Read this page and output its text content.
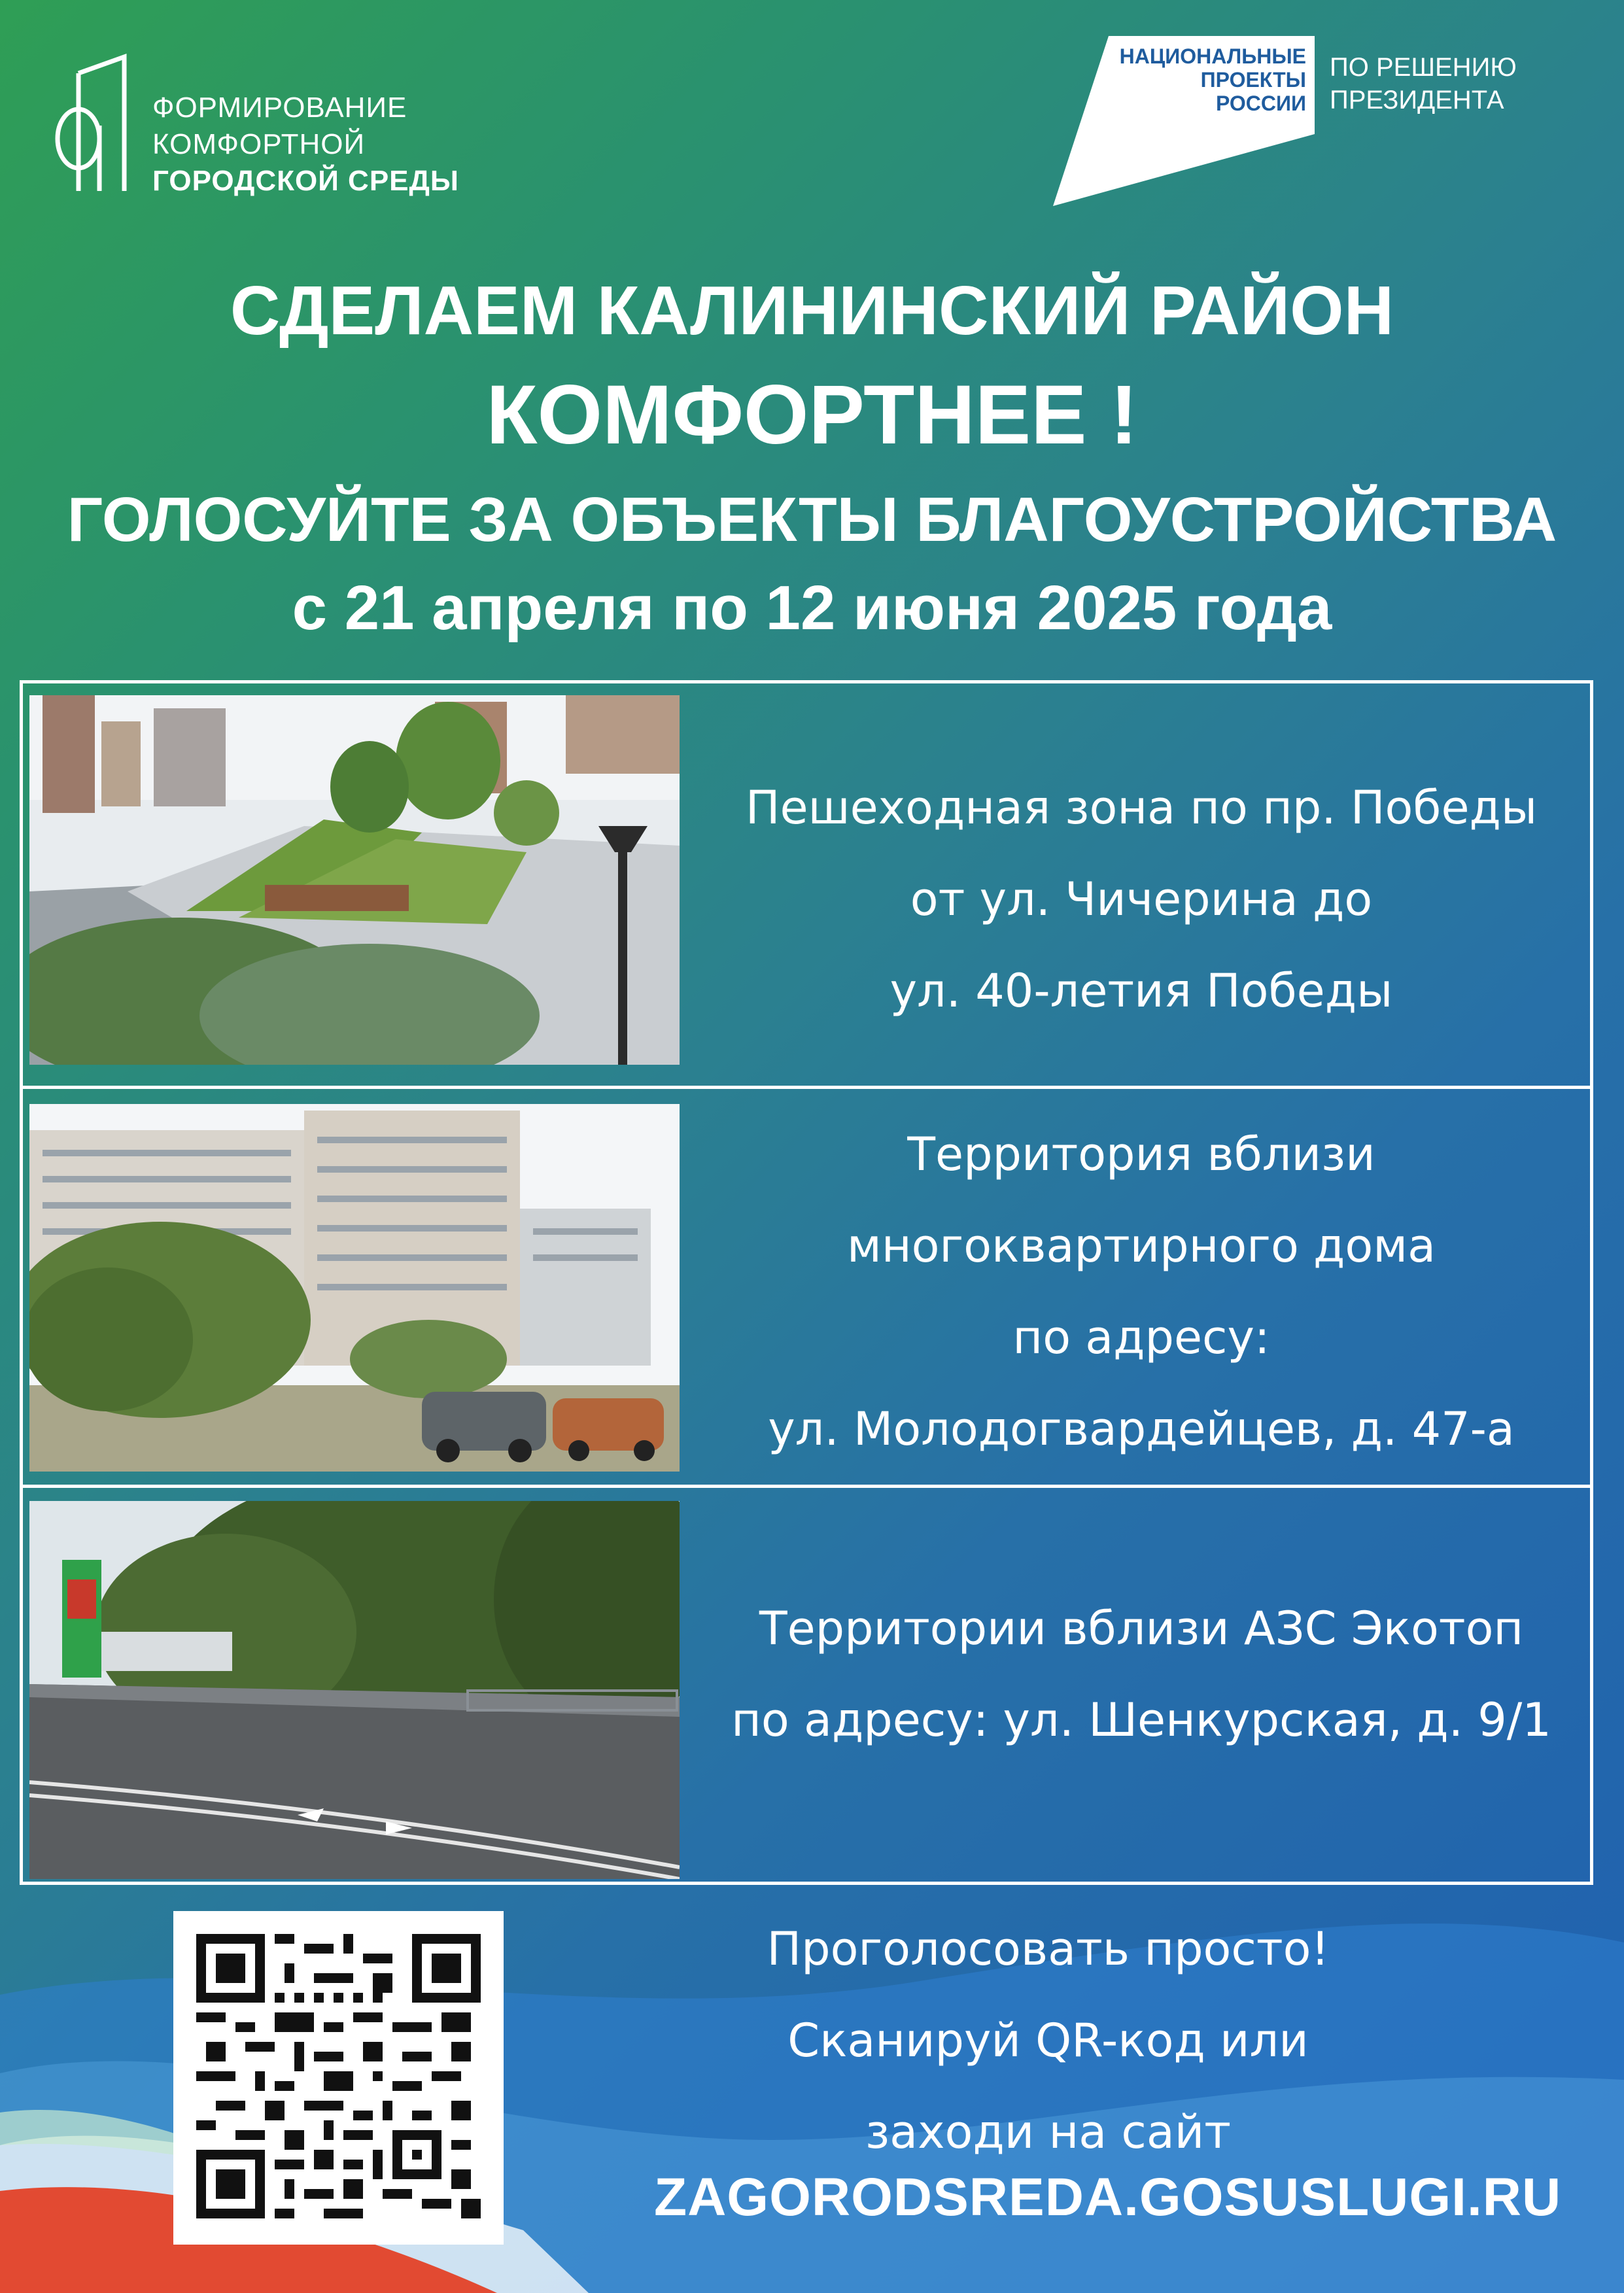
ФОРМИРОВАНИЕ
КОМФОРТНОЙ
ГОРОДСКОЙ СРЕДЫ
НАЦИОНАЛЬНЫЕ
ПРОЕКТЫ
РОССИИ
ПО РЕШЕНИЮ
ПРЕЗИДЕНТА
СДЕЛАЕМ КАЛИНИНСКИЙ РАЙОН
КОМФОРТНЕЕ !
ГОЛОСУЙТЕ ЗА ОБЪЕКТЫ БЛАГОУСТРОЙСТВА
с 21 апреля по 12 июня 2025 года
Пешеходная зона по пр. Победы
от ул. Чичерина до
ул. 40-летия Победы
Территория вблизи
многоквартирного дома
по адресу:
ул. Молодогвардейцев, д. 47-а
Территории вблизи АЗС Экотоп
по адресу: ул. Шенкурская, д. 9/1
Проголосовать просто!
Сканируй QR-код или
заходи на сайт
ZAGORODSREDA.GOSUSLUGI.RU
